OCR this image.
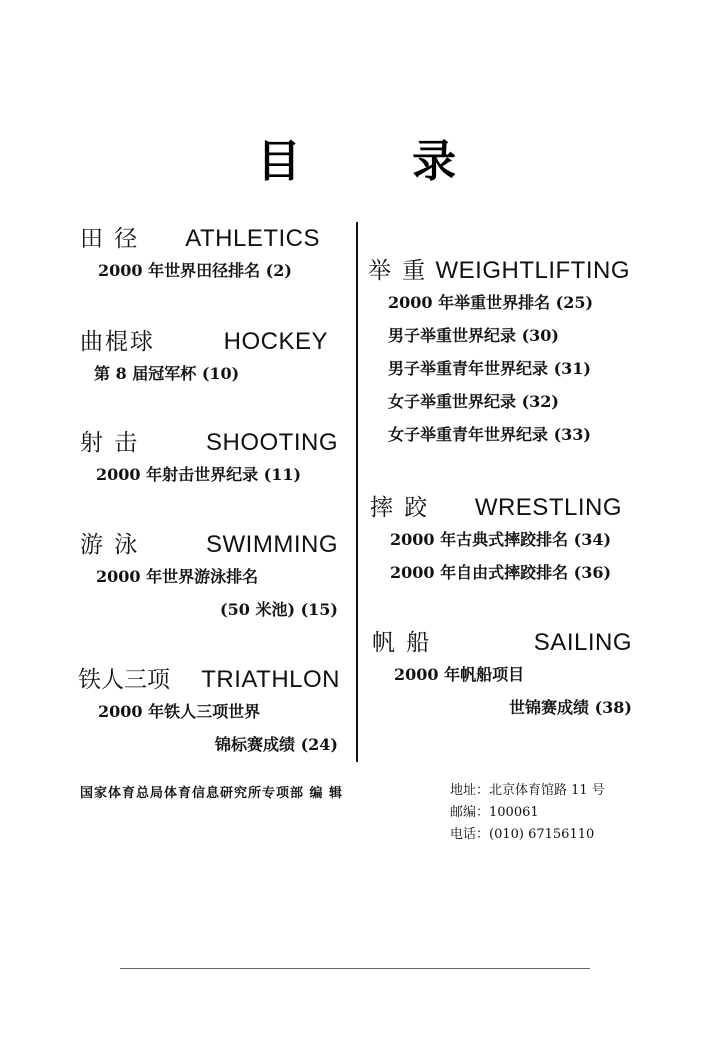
目 录
田 径 ATHLETICS
2000 年世界田径排名 (2)
曲棍球	HOCKEY
第 8 届冠军杯 (10)
射 击	SHOOTING
2000 年射击世界纪录 (11)
游 泳	SWIMMING
2000 年世界游泳排名
(50 米池) (15)
铁人三项 TRIATHLON
2000 年铁人三项世界
锦标赛成绩 (24)
举 重 WEIGHTLIFTING
2000 年举重世界排名 (25)
男子举重世界纪录 (30)
男子举重青年世界纪录 (31)
女子举重世界纪录 (32)
女子举重青年世界纪录 (33)
摔 跤 WRESTLING
2000 年古典式摔跤排名 (34)
2000 年自由式摔跤排名 (36)
帆 船	SAILING
2000 年帆船项目
世锦赛成绩 (38)
国家体育总局体育信息研究所专项部 编 辑	地址：北京体育馆路 11 号
邮编：100061
电话：(010) 67156110
